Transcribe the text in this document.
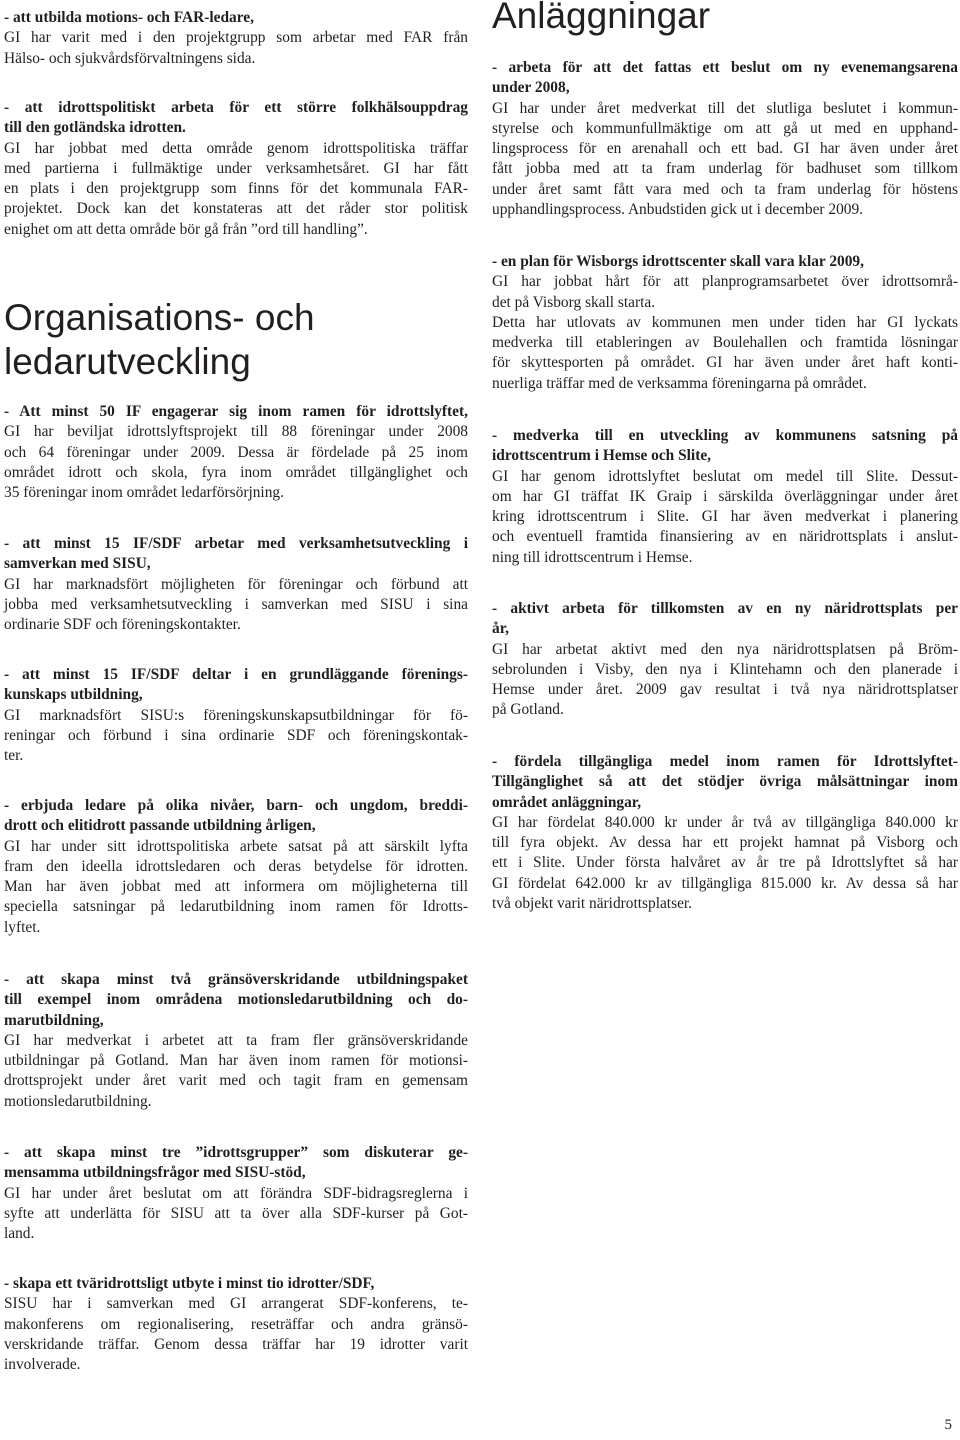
- att utbilda motions- och FAR-ledare,
GI har varit med i den projektgrupp som arbetar med FAR från
Hälso- och sjukvårdsförvaltningens sida.
- att idrottspolitiskt arbeta för ett större folkhälsouppdrag
till den gotländska idrotten.
GI har jobbat med detta område genom idrottspolitiska träffar
med partierna i fullmäktige under verksamhetsåret. GI har fått
en plats i den projektgrupp som finns för det kommunala FAR-
projektet. Dock kan det konstateras att det råder stor politisk
enighet om att detta område bör gå från ”ord till handling”.
Organisations- och
ledarutveckling
- Att minst 50 IF engagerar sig inom ramen för idrottslyftet,
GI har beviljat idrottslyftsprojekt till 88 föreningar under 2008
och 64 föreningar under 2009. Dessa är fördelade på 25 inom
området idrott och skola, fyra inom området tillgänglighet och
35 föreningar inom området ledarförsörjning.
- att minst 15 IF/SDF arbetar med verksamhetsutveckling i
samverkan med SISU,
GI har marknadsfört möjligheten för föreningar och förbund att
jobba med verksamhetsutveckling i samverkan med SISU i sina
ordinarie SDF och föreningskontakter.
- att minst 15 IF/SDF deltar i en grundläggande förenings-
kunskaps utbildning,
GI marknadsfört SISU:s föreningskunskapsutbildningar för fö-
reningar och förbund i sina ordinarie SDF och föreningskontak-
ter.
- erbjuda ledare på olika nivåer, barn- och ungdom, breddi-
drott och elitidrott passande utbildning årligen,
GI har under sitt idrottspolitiska arbete satsat på att särskilt lyfta
fram den ideella idrottsledaren och deras betydelse för idrotten.
Man har även jobbat med att informera om möjligheterna till
speciella satsningar på ledarutbildning inom ramen för Idrotts-
lyftet.
- att skapa minst två gränsöverskridande utbildningspaket
till exempel inom områdena motionsledarutbildning och do-
marutbildning,
GI har medverkat i arbetet att ta fram fler gränsöverskridande
utbildningar på Gotland. Man har även inom ramen för motionsi-
drottsprojekt under året varit med och tagit fram en gemensam
motionsledarutbildning.
- att skapa minst tre ”idrottsgrupper” som diskuterar ge-
mensamma utbildningsfrågor med SISU-stöd,
GI har under året beslutat om att förändra SDF-bidragsreglerna i
syfte att underlätta för SISU att ta över alla SDF-kurser på Got-
land.
- skapa ett tväridrottsligt utbyte i minst tio idrotter/SDF,
SISU har i samverkan med GI arrangerat SDF-konferens, te-
makonferens om regionalisering, reseträffar och andra gränsö-
verskridande träffar. Genom dessa träffar har 19 idrotter varit
involverade.
Anläggningar
- arbeta för att det fattas ett beslut om ny evenemangsarena
under 2008,
GI har under året medverkat till det slutliga beslutet i kommun-
styrelse och kommunfullmäktige om att gå ut med en upphand-
lingsprocess för en arenahall och ett bad. GI har även under året
fått jobba med att ta fram underlag för badhuset som tillkom
under året samt fått vara med och ta fram underlag för höstens
upphandlingsprocess. Anbudstiden gick ut i december 2009.
- en plan för Wisborgs idrottscenter skall vara klar 2009,
GI har jobbat hårt för att planprogramsarbetet över idrottsområ-
det på Visborg skall starta.
Detta har utlovats av kommunen men under tiden har GI lyckats
medverka till etableringen av Boulehallen och framtida lösningar
för skyttesporten på området. GI har även under året haft konti-
nuerliga träffar med de verksamma föreningarna på området.
- medverka till en utveckling av kommunens satsning på
idrottscentrum i Hemse och Slite,
GI har genom idrottslyftet beslutat om medel till Slite. Dessut-
om har GI träffat IK Graip i särskilda överläggningar under året
kring idrottscentrum i Slite. GI har även medverkat i planering
och eventuell framtida finansiering av en näridrottsplats i anslut-
ning till idrottscentrum i Hemse.
- aktivt arbeta för tillkomsten av en ny näridrottsplats per
år,
GI har arbetat aktivt med den nya näridrottsplatsen på Bröm-
sebrolunden i Visby, den nya i Klintehamn och den planerade i
Hemse under året. 2009 gav resultat i två nya näridrottsplatser
på Gotland.
- fördela tillgängliga medel inom ramen för Idrottslyftet-
Tillgänglighet så att det stödjer övriga målsättningar inom
området anläggningar,
GI har fördelat 840.000 kr under år två av tillgängliga 840.000 kr
till fyra objekt. Av dessa har ett projekt hamnat på Visborg och
ett i Slite. Under första halvåret av år tre på Idrottslyftet så har
GI fördelat 642.000 kr av tillgängliga 815.000 kr. Av dessa så har
två objekt varit näridrottsplatser.
5
